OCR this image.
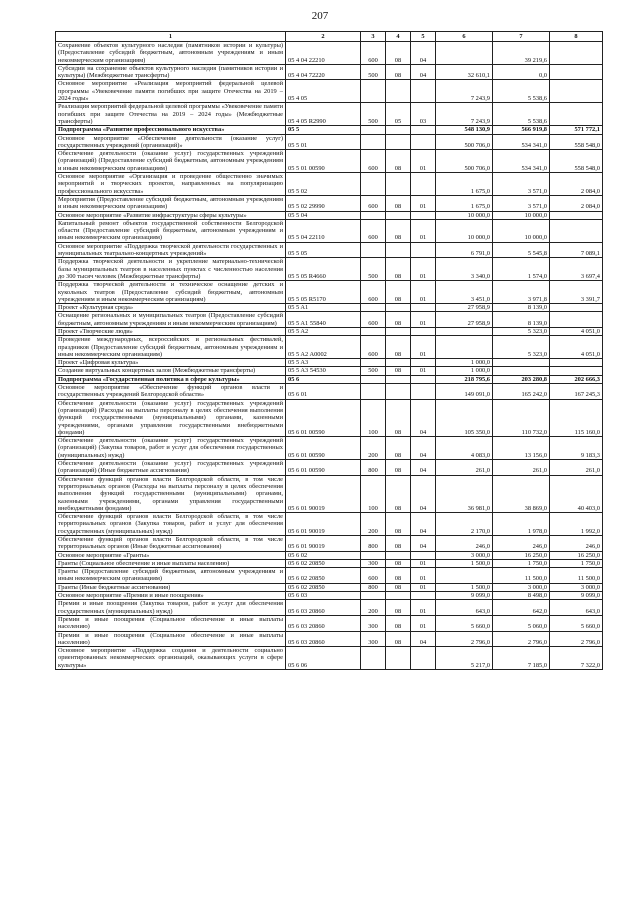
207
1	2	3	4	5	6	7	8
Сохранение объектов культурного наследия (памятников истории и культуры) (Предоставление субсидий бюджетным, автономным учреждениям и иным некоммерческим организациям)	05 4 04 22210	600	08	04		39 219,6	
Субсидии на сохранение объектов культурного наследия (памятников истории и культуры) (Межбюджетные трансферты)	05 4 04 72220	500	08	04	32 610,1	0,0	
Основное мероприятие «Реализация мероприятий федеральной целевой программы «Увековечение памяти погибших при защите Отечества на 2019 – 2024 годы»	05 4 05				7 243,9	5 538,6	
Реализация мероприятий федеральной целевой программы «Увековечение памяти погибших при защите Отечества на 2019 – 2024 годы» (Межбюджетные трансферты)	05 4 05 R2990	500	05	03	7 243,9	5 538,6	
Подпрограмма «Развитие профессионального искусства»	05 5				548 130,9	566 919,8	571 772,1
Основное мероприятие «Обеспечение деятельности (оказание услуг) государственных учреждений (организаций)»	05 5 01				500 706,0	534 341,0	558 548,0
Обеспечение деятельности (оказание услуг) государственных учреждений (организаций) (Предоставление субсидий бюджетным, автономным учреждениям и иным некоммерческим организациям)	05 5 01 00590	600	08	01	500 706,0	534 341,0	558 548,0
Основное мероприятие «Организация и проведение общественно значимых мероприятий и творческих проектов, направленных на популяризацию профессионального искусства»	05 5 02				1 675,0	3 571,0	2 084,0
Мероприятия (Предоставление субсидий бюджетным, автономным учреждениям и иным некоммерческим организациям)	05 5 02 29990	600	08	01	1 675,0	3 571,0	2 084,0
Основное мероприятие «Развитие инфраструктуры сферы культуры»	05 5 04				10 000,0	10 000,0	
Капитальный ремонт объектов государственной собственности Белгородской области (Предоставление субсидий бюджетным, автономным учреждениям и иным некоммерческим организациям)	05 5 04 22110	600	08	01	10 000,0	10 000,0	
Основное мероприятие «Поддержка творческой деятельности государственных и муниципальных театрально-концертных учреждений»	05 5 05				6 791,0	5 545,8	7 089,1
Поддержка творческой деятельности и укрепление материально-технической базы муниципальных театров в населенных пунктах с численностью населения до 300 тысяч человек (Межбюджетные трансферты)	05 5 05 R4660	500	08	01	3 340,0	1 574,0	3 697,4
Поддержка творческой деятельности и техническое оснащение детских и кукольных театров (Предоставление субсидий бюджетным, автономным учреждениям и иным некоммерческим организациям)	05 5 05 R5170	600	08	01	3 451,0	3 971,8	3 391,7
Проект «Культурная среда»	05 5 A1				27 958,9	8 139,0	
Оснащение региональных и муниципальных театров (Предоставление субсидий бюджетным, автономным учреждениям и иным некоммерческим организациям)	05 5 A1 55840	600	08	01	27 958,9	8 139,0	
Проект «Творческие люди»	05 5 A2					5 323,0	4 051,0
Проведение международных, всероссийских и региональных фестивалей, праздников (Предоставление субсидий бюджетным, автономным учреждениям и иным некоммерческим организациям)	05 5 A2 A0002	600	08	01		5 323,0	4 051,0
Проект «Цифровая культура»	05 5 A3				1 000,0		
Создание виртуальных концертных залов (Межбюджетные трансферты)	05 5 A3 54530	500	08	01	1 000,0		
Подпрограмма «Государственная политика в сфере культуры»	05 6				218 795,6	203 280,8	202 666,3
Основное мероприятие «Обеспечение функций органов власти и государственных учреждений Белгородской области»	05 6 01				149 091,0	165 242,0	167 245,3
Обеспечение деятельности (оказание услуг) государственных учреждений (организаций) (Расходы на выплаты персоналу в целях обеспечения выполнения функций государственными (муниципальными) органами, казенными учреждениями, органами управления государственными внебюджетными фондами)	05 6 01 00590	100	08	04	105 350,0	110 732,0	115 160,0
Обеспечение деятельности (оказание услуг) государственных учреждений (организаций) (Закупка товаров, работ и услуг для обеспечения государственных (муниципальных) нужд)	05 6 01 00590	200	08	04	4 083,0	13 156,0	9 183,3
Обеспечение деятельности (оказание услуг) государственных учреждений (организаций) (Иные бюджетные ассигнования)	05 6 01 00590	800	08	04	261,0	261,0	261,0
Обеспечение функций органов власти Белгородской области, в том числе территориальных органов (Расходы на выплаты персоналу в целях обеспечения выполнения функций государственными (муниципальными) органами, казенными учреждениями, органами управления государственными внебюджетными фондами)	05 6 01 90019	100	08	04	36 981,0	38 869,0	40 403,0
Обеспечение функций органов власти Белгородской области, в том числе территориальных органов (Закупка товаров, работ и услуг для обеспечения государственных (муниципальных) нужд)	05 6 01 90019	200	08	04	2 170,0	1 978,0	1 992,0
Обеспечение функций органов власти Белгородской области, в том числе территориальных органов (Иные бюджетные ассигнования)	05 6 01 90019	800	08	04	246,0	246,0	246,0
Основное мероприятие «Гранты»	05 6 02				3 000,0	16 250,0	16 250,0
Гранты (Социальное обеспечение и иные выплаты населению)	05 6 02 20850	300	08	01	1 500,0	1 750,0	1 750,0
Гранты (Предоставление субсидий бюджетным, автономным учреждениям и иным некоммерческим организациям)	05 6 02 20850	600	08	01		11 500,0	11 500,0
Гранты (Иные бюджетные ассигнования)	05 6 02 20850	800	08	01	1 500,0	3 000,0	3 000,0
Основное мероприятие «Премии и иные поощрения»	05 6 03				9 099,0	8 498,0	9 099,0
Премии и иные поощрения (Закупка товаров, работ и услуг для обеспечения государственных (муниципальных) нужд)	05 6 03 20860	200	08	01	643,0	642,0	643,0
Премии и иные поощрения (Социальное обеспечение и иные выплаты населению)	05 6 03 20860	300	08	01	5 660,0	5 060,0	5 660,0
Премии и иные поощрения (Социальное обеспечение и иные выплаты населению)	05 6 03 20860	300	08	04	2 796,0	2 796,0	2 796,0
Основное мероприятие «Поддержка создания и деятельности социально ориентированных некоммерческих организаций, оказывающих услуги в сфере культуры»	05 6 06				5 217,0	7 185,0	7 322,0
